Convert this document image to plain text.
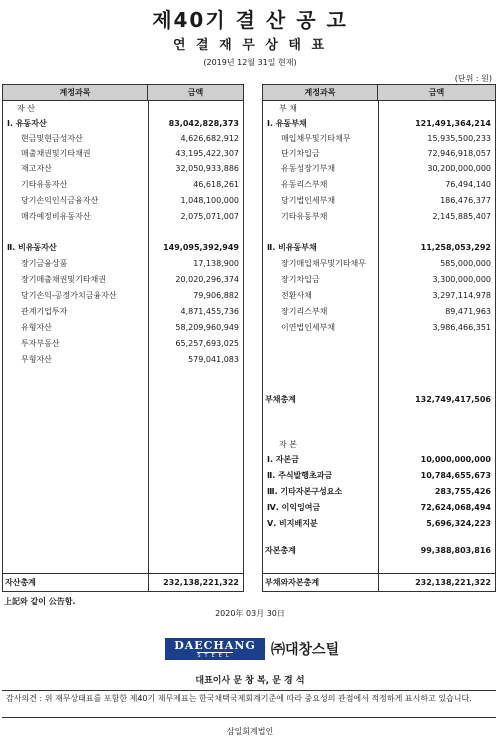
제40기 결 산 공 고
연 결 재 무 상 태 표
(2019년 12월 31일 현재)
(단위 : 원)
계정과목	금액
자 산
Ⅰ. 유동자산	83,042,828,373
현금및현금성자산	4,626,682,912
매출채권및기타채권	43,195,422,307
재고자산	32,050,933,886
기타유동자산	46,618,261
당기손익인식금융자산	1,048,100,000
매각예정비유동자산	2,075,071,007
Ⅱ. 비유동자산	149,095,392,949
장기금융상품	17,138,900
장기매출채권및기타채권	20,020,296,374
당기손익-공정가치금융자산	79,906,882
관계기업투자	4,871,455,736
유형자산	58,209,960,949
투자부동산	65,257,693,025
무형자산	579,041,083
자산총계	232,138,221,322
계정과목	금액
부 채
Ⅰ. 유동부채	121,491,364,214
매입채무및기타채무	15,935,500,233
단기차입금	72,946,918,057
유동성장기부채	30,200,000,000
유동리스부채	76,494,140
당기법인세부채	186,476,377
기타유동부채	2,145,885,407
Ⅱ. 비유동부채	11,258,053,292
장기매입채무및기타채무	585,000,000
장기차입금	3,300,000,000
전환사채	3,297,114,978
장기리스부채	89,471,963
이연법인세부채	3,986,466,351
부채총계	132,749,417,506
자 본
Ⅰ. 자본금	10,000,000,000
Ⅱ. 주식발행초과금	10,784,655,673
Ⅲ. 기타자본구성요소	283,755,426
Ⅳ. 이익잉여금	72,624,068,494
Ⅴ. 비지배지분	5,696,324,223
자본총계	99,388,803,816
부채와자본총계	232,138,221,322
上記와 같이 公告함.
2020年 03月 30日
DAECHANG
STEEL	㈜대창스틸
대표이사 문 창 복, 문 경 석
감사의견 : 위 재무상태표를 포함한 제40기 재무제표는 한국채택국제회계기준에 따라 중요성의 관점에서 적정하게 표시하고 있습니다.
삼일회계법인
